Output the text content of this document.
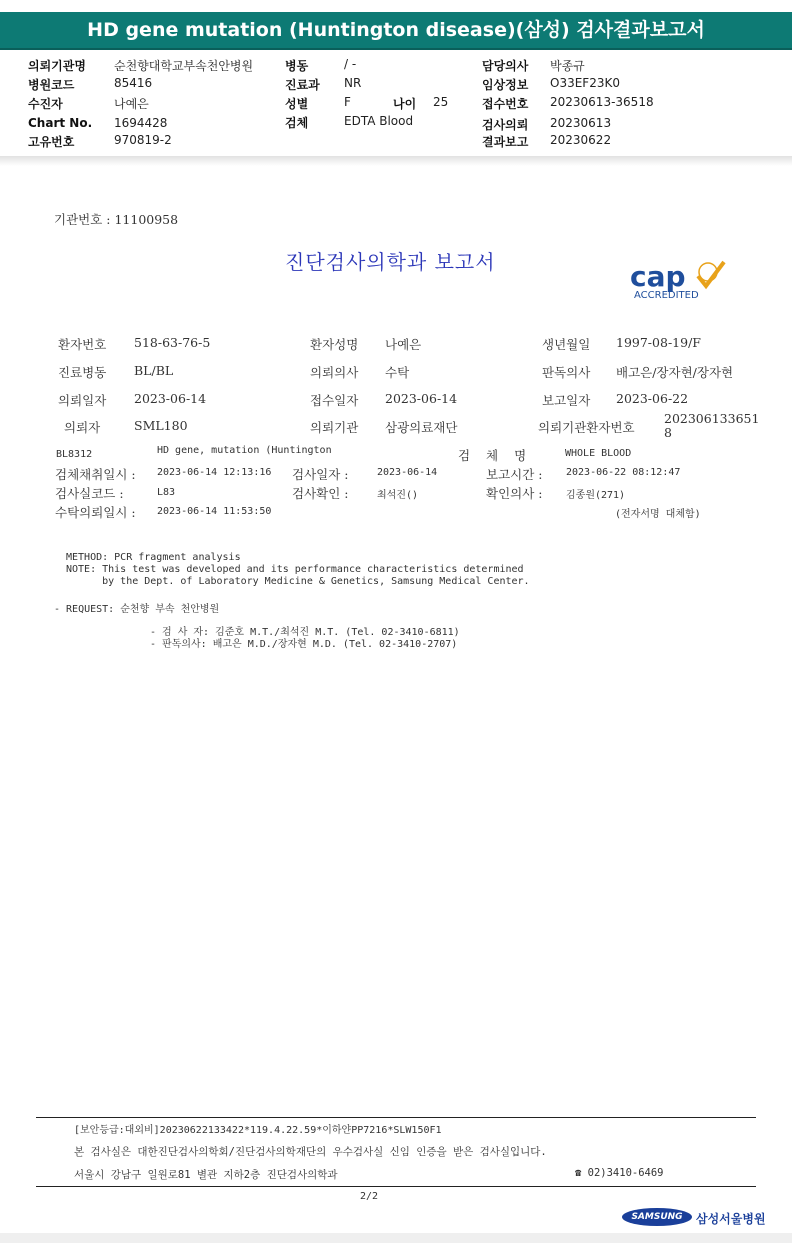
HD gene mutation (Huntington disease)(삼성) 검사결과보고서
의뢰기관명 순천향대학교부속천안병원
병원코드	85416
수진자	나예은
Chart No. 1694428
고유번호	970819-2
병동	/ -
진료과 NR
성별	F	나이 25
검체	EDTA Blood
담당의사 박종규
임상정보 O33EF23K0
접수번호 20230613-36518
검사의뢰 20230613
결과보고 20230622
기관번호 : 11100958
진단검사의학과 보고서	cap
ACCREDITED
환자번호 518-63-76-5	환자성명 나예은	생년월일 1997-08-19/F
진료병동 BL/BL	의뢰의사 수탁	판독의사 배고은/장자현/장자현
의뢰일자 2023-06-14	접수일자 2023-06-14	보고일자 2023-06-22
의뢰자	SML180	의뢰기관 삼광의료재단	의뢰기관환자번호
202306133651
8
BL8312	HD gene, mutation (Huntington	검 체 명	WHOLE BLOOD
검체채취일시 : 2023-06-14 12:13:16 검사일자 :	2023-06-14	보고시간 : 2023-06-22 08:12:47
검사실코드 :	L83	검사확인 :	최석진()	확인의사 : 김종원(271)
수탁의뢰일시 : 2023-06-14 11:53:50	(전자서명 대체함)
METHOD: PCR fragment analysis
NOTE: This test was developed and its performance characteristics determined
by the Dept. of Laboratory Medicine & Genetics, Samsung Medical Center.
- REQUEST: 순천향 부속 천안병원
- 검 사 자: 김준호 M.T./최석진 M.T. (Tel. 02-3410-6811)
- 판독의사: 배고은 M.D./장자현 M.D. (Tel. 02-3410-2707)
[보안등급:대외비]20230622133422*119.4.22.59*이하얀PP7216*SLW150F1
본 검사실은 대한진단검사의학회/진단검사의학재단의 우수검사실 신임 인증을 받은 검사실입니다.
서울시 강남구 일원로81 별관 지하2층 진단검사의학과	☎ 02)3410-6469
2/2
SAMSUNG	삼성서울병원
